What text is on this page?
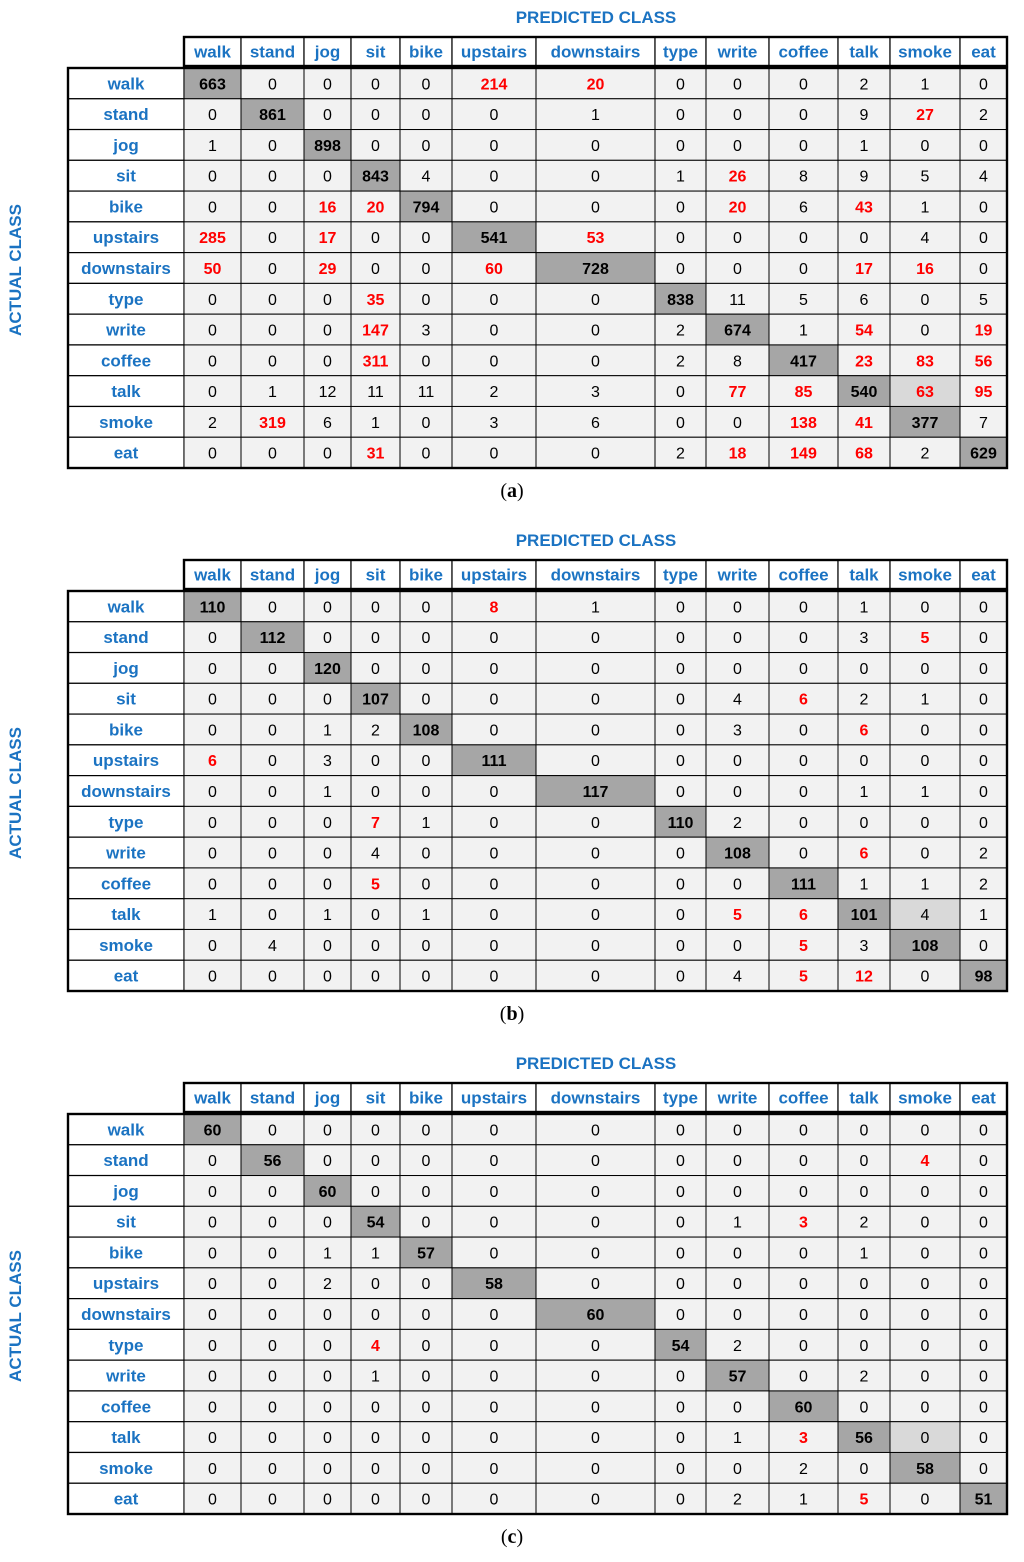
PREDICTED CLASS
ACTUAL CLASS
walk stand jog sit bike upstairs downstairs type write coffee talk smoke eat
walk	663	0	0 0	0	214	20	0	0	0	2	1	0
stand	0	861 0 0	0	0	1	0	0	0	9	27	2
jog	1	0 898 0	0	0	0	0	0	0	1	0	0
sit	0	0	0 843 4	0	0	1	26	8	9	5	4
bike	0	0	16 20 794	0	0	0	20	6	43	1	0
upstairs	285	0	17 0	0	541	53	0	0	0	0	4	0
downstairs 50	0	29 0	0	60	728	0	0	0	17	16	0
type	0	0	0 35 0	0	0	838 11	5	6	0	5
write	0	0	0 147 3	0	0	2 674	1	54	0	19
coffee	0	0	0 311 0	0	0	2	8	417 23	83	56
talk	0	1	12 11 11	2	3	0	77	85 540 63	95
smoke	2	319 6 1	0	3	6	0	0	138 41 377	7
eat	0	0	0 31 0	0	0	2	18	149 68	2	629
(a)
PREDICTED CLASS
ACTUAL CLASS
walk stand jog sit bike upstairs downstairs type write coffee talk smoke eat
walk	110	0	0 0	0	8	1	0	0	0	1	0	0
stand	0	112 0 0	0	0	0	0	0	0	3	5	0
jog	0	0 120 0	0	0	0	0	0	0	0	0	0
sit	0	0	0 107 0	0	0	0	4	6	2	1	0
bike	0	0	1 2 108	0	0	0	3	0	6	0	0
upstairs	6	0	3 0	0	111	0	0	0	0	0	0	0
downstairs 0	0	1 0	0	0	117	0	0	0	1	1	0
type	0	0	0 7	1	0	0	110 2	0	0	0	0
write	0	0	0 4	0	0	0	0 108	0	6	0	2
coffee	0	0	0 5	0	0	0	0	0	111	1	1	2
talk	1	0	1 0	1	0	0	0	5	6	101	4	1
smoke	0	4	0 0	0	0	0	0	0	5	3	108	0
eat	0	0	0 0	0	0	0	0	4	5	12	0	98
(b)
PREDICTED CLASS
ACTUAL CLASS
walk stand jog sit bike upstairs downstairs type write coffee talk smoke eat
walk	60	0	0 0	0	0	0	0	0	0	0	0	0
stand	0	56	0 0	0	0	0	0	0	0	0	4	0
jog	0	0	60 0	0	0	0	0	0	0	0	0	0
sit	0	0	0 54 0	0	0	0	1	3	2	0	0
bike	0	0	1 1 57	0	0	0	0	0	1	0	0
upstairs	0	0	2 0	0	58	0	0	0	0	0	0	0
downstairs 0	0	0 0	0	0	60	0	0	0	0	0	0
type	0	0	0 4	0	0	0	54	2	0	0	0	0
write	0	0	0 1	0	0	0	0	57	0	2	0	0
coffee	0	0	0 0	0	0	0	0	0	60	0	0	0
talk	0	0	0 0	0	0	0	0	1	3	56	0	0
smoke	0	0	0 0	0	0	0	0	0	2	0	58	0
eat	0	0	0 0	0	0	0	0	2	1	5	0	51
(c)
